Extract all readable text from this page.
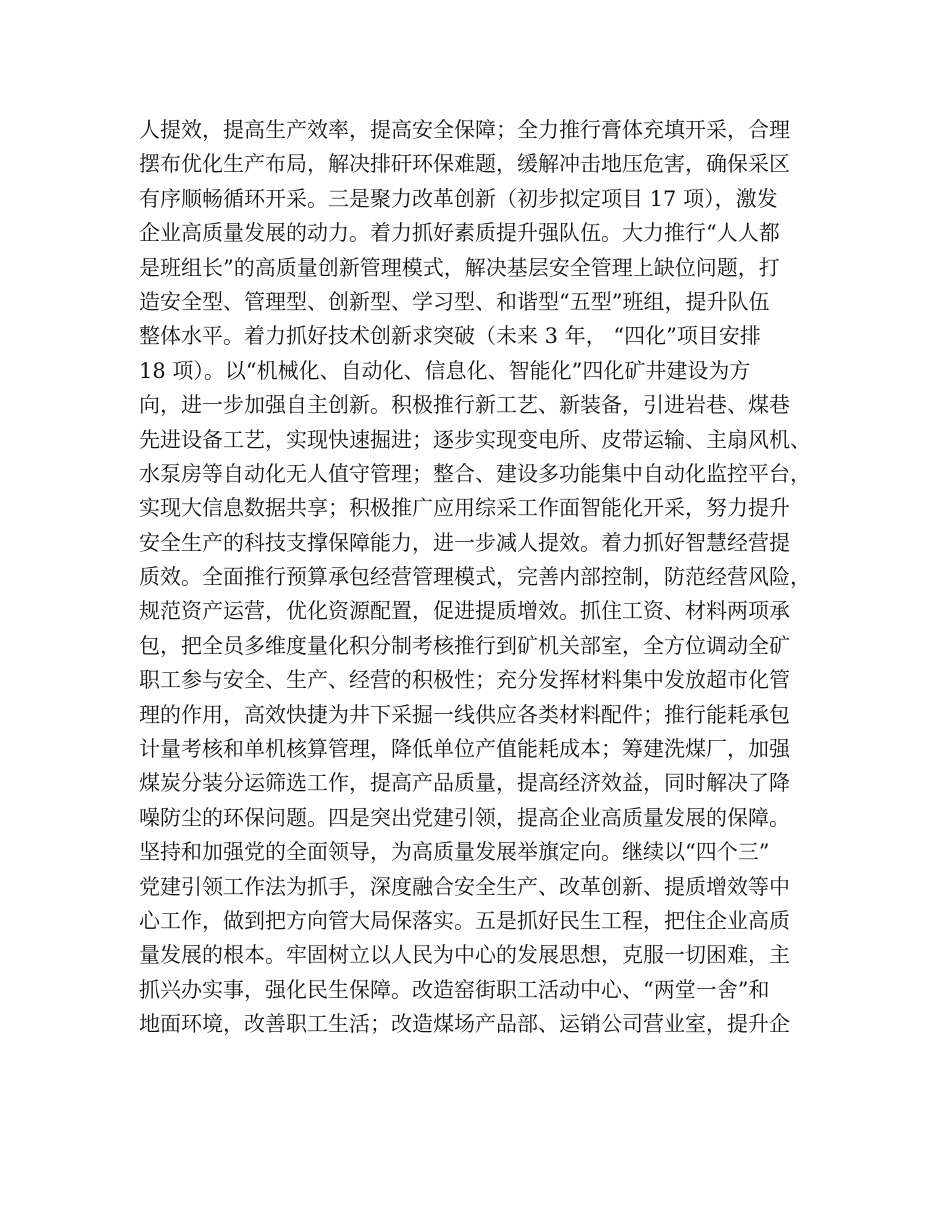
人提效，提高生产效率，提高安全保障；全力推行膏体充填开采，合理
摆布优化生产布局，解决排矸环保难题，缓解冲击地压危害，确保采区
有序顺畅循环开采。三是聚力改革创新（初步拟定项目 17 项），激发
企业高质量发展的动力。着力抓好素质提升强队伍。大力推行“人人都
是班组长”的高质量创新管理模式，解决基层安全管理上缺位问题，打
造安全型、管理型、创新型、学习型、和谐型“五型”班组，提升队伍
整体水平。着力抓好技术创新求突破（未来 3 年， “四化”项目安排
18 项）。以“机械化、自动化、信息化、智能化”四化矿井建设为方
向，进一步加强自主创新。积极推行新工艺、新装备，引进岩巷、煤巷
先进设备工艺，实现快速掘进；逐步实现变电所、皮带运输、主扇风机、
水泵房等自动化无人值守管理；整合、建设多功能集中自动化监控平台，
实现大信息数据共享；积极推广应用综采工作面智能化开采，努力提升
安全生产的科技支撑保障能力，进一步减人提效。着力抓好智慧经营提
质效。全面推行预算承包经营管理模式，完善内部控制，防范经营风险，
规范资产运营，优化资源配置，促进提质增效。抓住工资、材料两项承
包，把全员多维度量化积分制考核推行到矿机关部室，全方位调动全矿
职工参与安全、生产、经营的积极性；充分发挥材料集中发放超市化管
理的作用，高效快捷为井下采掘一线供应各类材料配件；推行能耗承包
计量考核和单机核算管理，降低单位产值能耗成本；筹建洗煤厂，加强
煤炭分装分运筛选工作，提高产品质量，提高经济效益，同时解决了降
噪防尘的环保问题。四是突出党建引领，提高企业高质量发展的保障。
坚持和加强党的全面领导，为高质量发展举旗定向。继续以“四个三”
党建引领工作法为抓手，深度融合安全生产、改革创新、提质增效等中
心工作，做到把方向管大局保落实。五是抓好民生工程，把住企业高质
量发展的根本。牢固树立以人民为中心的发展思想，克服一切困难，主
抓兴办实事，强化民生保障。改造窑街职工活动中心、“两堂一舍”和
地面环境，改善职工生活；改造煤场产品部、运销公司营业室，提升企
